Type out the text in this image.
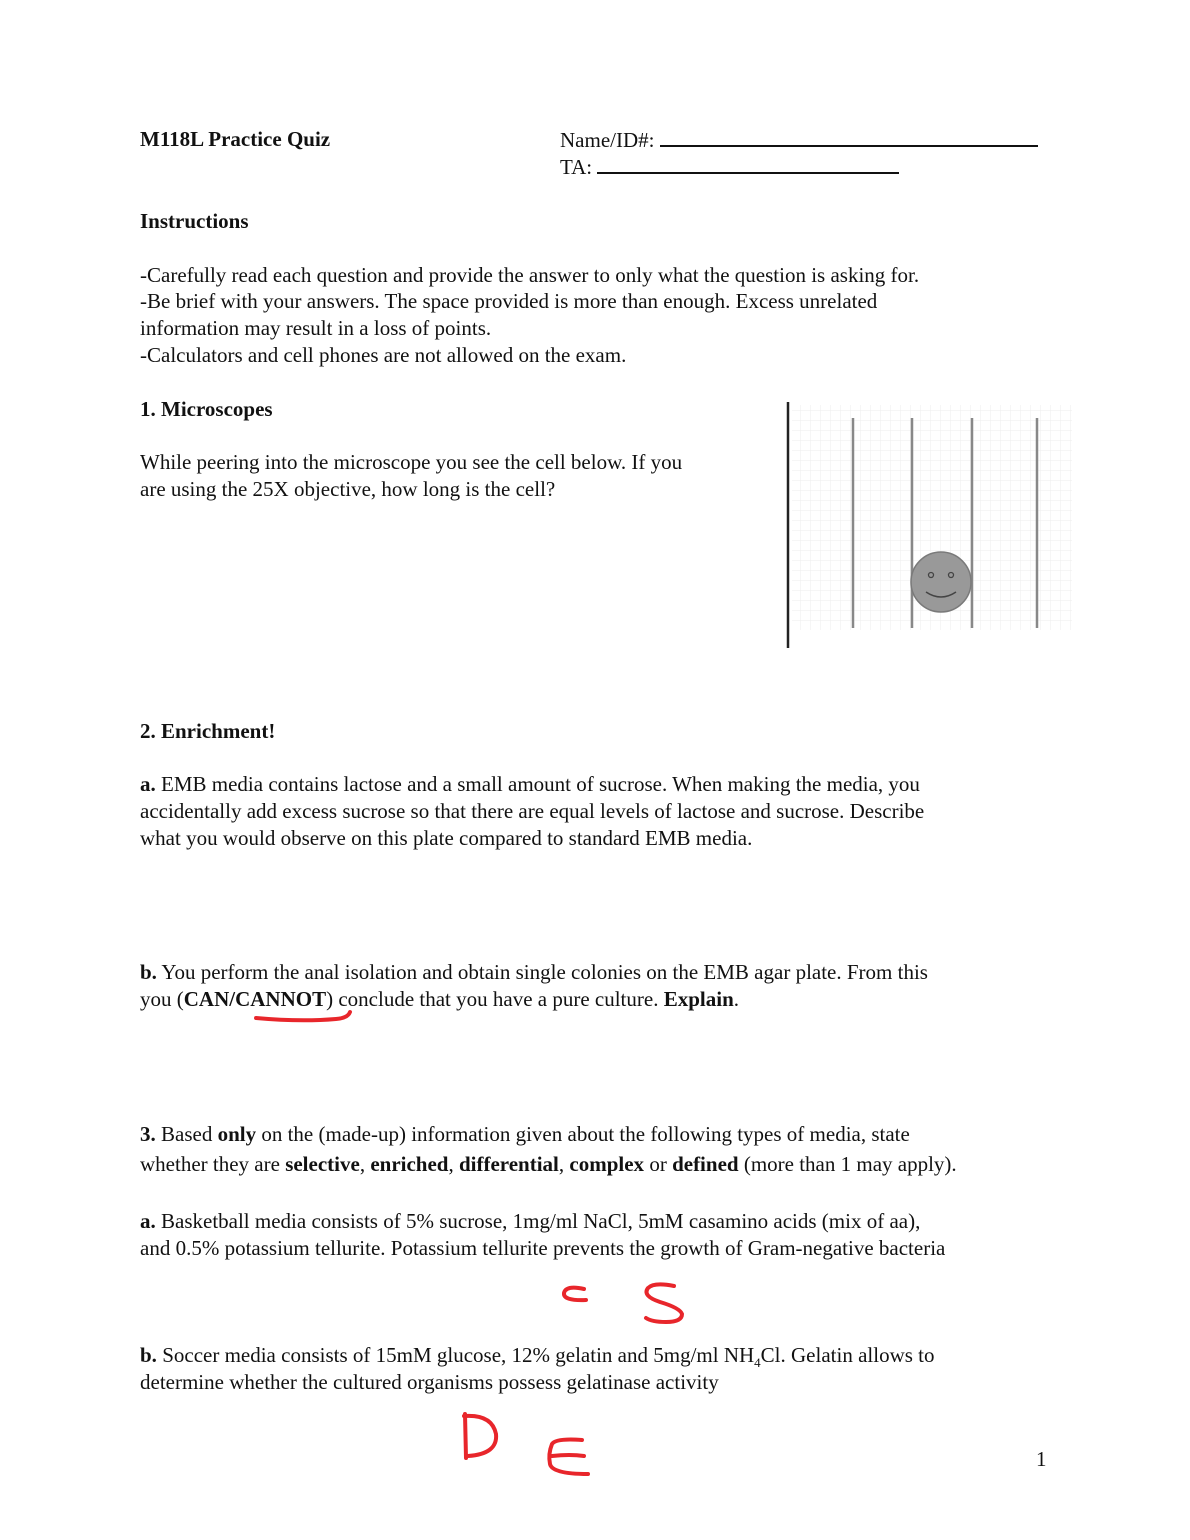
M118L Practice Quiz	Name/ID#:
TA:
Instructions
-Carefully read each question and provide the answer to only what the question is asking for.
-Be brief with your answers. The space provided is more than enough. Excess unrelated
information may result in a loss of points.
-Calculators and cell phones are not allowed on the exam.
1. Microscopes
While peering into the microscope you see the cell below. If you
are using the 25X objective, how long is the cell?
2. Enrichment!
a. EMB media contains lactose and a small amount of sucrose. When making the media, you
accidentally add excess sucrose so that there are equal levels of lactose and sucrose. Describe
what you would observe on this plate compared to standard EMB media.
b. You perform the anal isolation and obtain single colonies on the EMB agar plate. From this
you (CAN/CANNOT) conclude that you have a pure culture. Explain.
3. Based only on the (made-up) information given about the following types of media, state
whether they are selective, enriched, differential, complex or defined (more than 1 may apply).
a. Basketball media consists of 5% sucrose, 1mg/ml NaCl, 5mM casamino acids (mix of aa),
and 0.5% potassium tellurite. Potassium tellurite prevents the growth of Gram-negative bacteria
b. Soccer media consists of 15mM glucose, 12% gelatin and 5mg/ml $NH_4Cl$. Gelatin allows to
determine whether the cultured organisms possess gelatinase activity
1
